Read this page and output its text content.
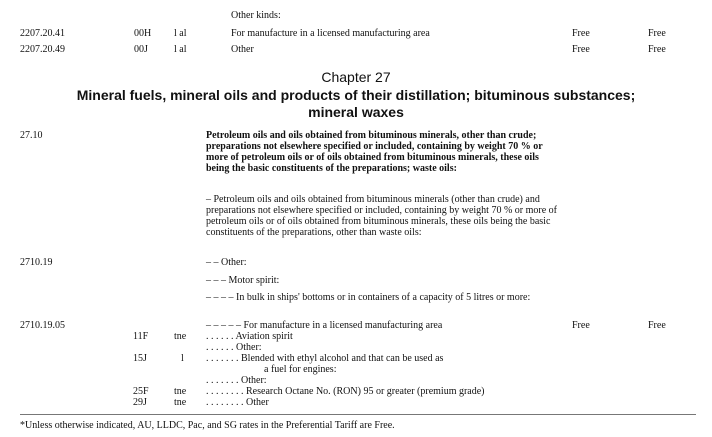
Other kinds:
2207.20.41	00H l al	For manufacture in a licensed manufacturing area	Free	Free
2207.20.49	00J	l al	Other	Free	Free
Chapter 27
Mineral fuels, mineral oils and products of their distillation; bituminous substances; mineral waxes
27.10	Petroleum oils and oils obtained from bituminous minerals, other than crude; preparations not elsewhere specified or included, containing by weight 70 % or more of petroleum oils or of oils obtained from bituminous minerals, these oils being the basic constituents of the preparations; waste oils:
– Petroleum oils and oils obtained from bituminous minerals (other than crude) and preparations not elsewhere specified or included, containing by weight 70 % or more of petroleum oils or of oils obtained from bituminous minerals, these oils being the basic constituents of the preparations, other than waste oils:
2710.19	– – Other:
– – – Motor spirit:
– – – – In bulk in ships' bottoms or in containers of a capacity of 5 litres or more:
2710.19.05	– – – – – For manufacture in a licensed manufacturing area	Free	Free
11F	tne . . . . . . Aviation spirit
. . . . . . Other:
15J	l . . . . . . . Blended with ethyl alcohol and that can be used as
a fuel for engines:
. . . . . . . Other:
25F	tne . . . . . . . . Research Octane No. (RON) 95 or greater (premium grade)
29J	tne . . . . . . . . Other
*Unless otherwise indicated, AU, LLDC, Pac, and SG rates in the Preferential Tariff are Free.
